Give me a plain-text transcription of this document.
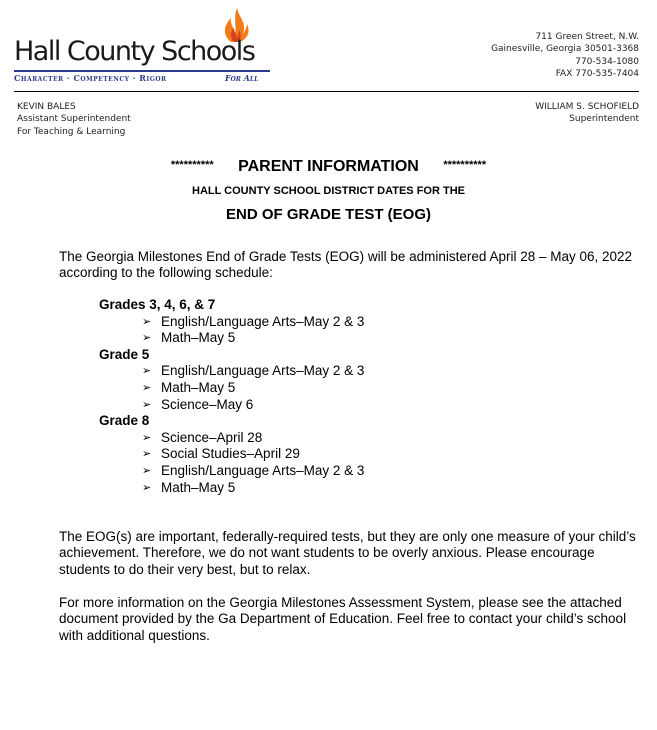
Hall County Schools
Character · Competency · Rigor	For All
711 Green Street, N.W.
Gainesville, Georgia 30501-3368
770-534-1080
FAX 770-535-7404
KEVIN BALES
Assistant Superintendent
For Teaching & Learning
WILLIAM S. SCHOFIELD
Superintendent
********** PARENT INFORMATION **********
HALL COUNTY SCHOOL DISTRICT DATES FOR THE
END OF GRADE TEST (EOG)
The Georgia Milestones End of Grade Tests (EOG) will be administered April 28 – May 06, 2022 according to the following schedule:
Grades 3, 4, 6, & 7
➢ English/Language Arts–May 2 & 3
➢ Math–May 5
Grade 5
➢ English/Language Arts–May 2 & 3
➢ Math–May 5
➢ Science–May 6
Grade 8
➢ Science–April 28
➢ Social Studies–April 29
➢ English/Language Arts–May 2 & 3
➢ Math–May 5
The EOG(s) are important, federally-required tests, but they are only one measure of your child’s achievement. Therefore, we do not want students to be overly anxious. Please encourage students to do their very best, but to relax.
For more information on the Georgia Milestones Assessment System, please see the attached document provided by the Ga Department of Education. Feel free to contact your child’s school with additional questions.
